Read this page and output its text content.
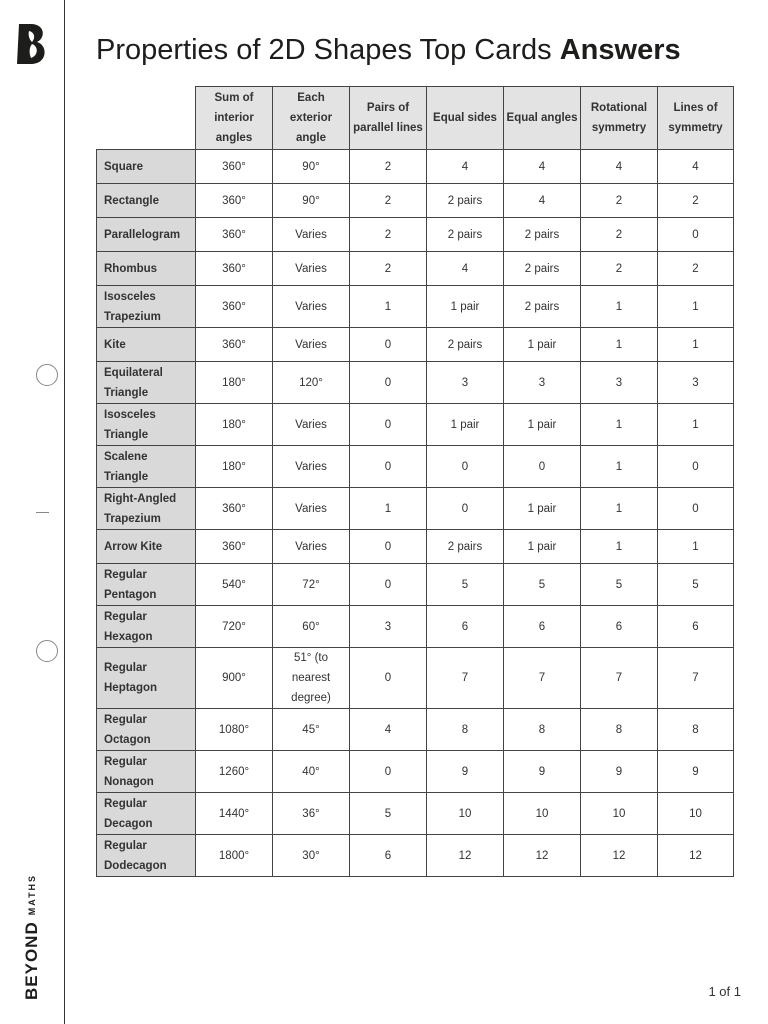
BEYOND
MATHS
Properties of 2D Shapes Top Cards Answers
	Sum of interior angles	Each exterior angle	Pairs of parallel lines	Equal sides	Equal angles	Rotational symmetry	Lines of symmetry
Square	360°	90°	2	4	4	4	4
Rectangle	360°	90°	2	2 pairs	4	2	2
Parallelogram	360°	Varies	2	2 pairs	2 pairs	2	0
Rhombus	360°	Varies	2	4	2 pairs	2	2
Isosceles Trapezium	360°	Varies	1	1 pair	2 pairs	1	1
Kite	360°	Varies	0	2 pairs	1 pair	1	1
Equilateral Triangle	180°	120°	0	3	3	3	3
Isosceles Triangle	180°	Varies	0	1 pair	1 pair	1	1
Scalene Triangle	180°	Varies	0	0	0	1	0
Right-Angled Trapezium	360°	Varies	1	0	1 pair	1	0
Arrow Kite	360°	Varies	0	2 pairs	1 pair	1	1
Regular Pentagon	540°	72°	0	5	5	5	5
Regular Hexagon	720°	60°	3	6	6	6	6
Regular Heptagon	900°	51° (to nearest degree)	0	7	7	7	7
Regular Octagon	1080°	45°	4	8	8	8	8
Regular Nonagon	1260°	40°	0	9	9	9	9
Regular Decagon	1440°	36°	5	10	10	10	10
Regular Dodecagon	1800°	30°	6	12	12	12	12
1 of 1
